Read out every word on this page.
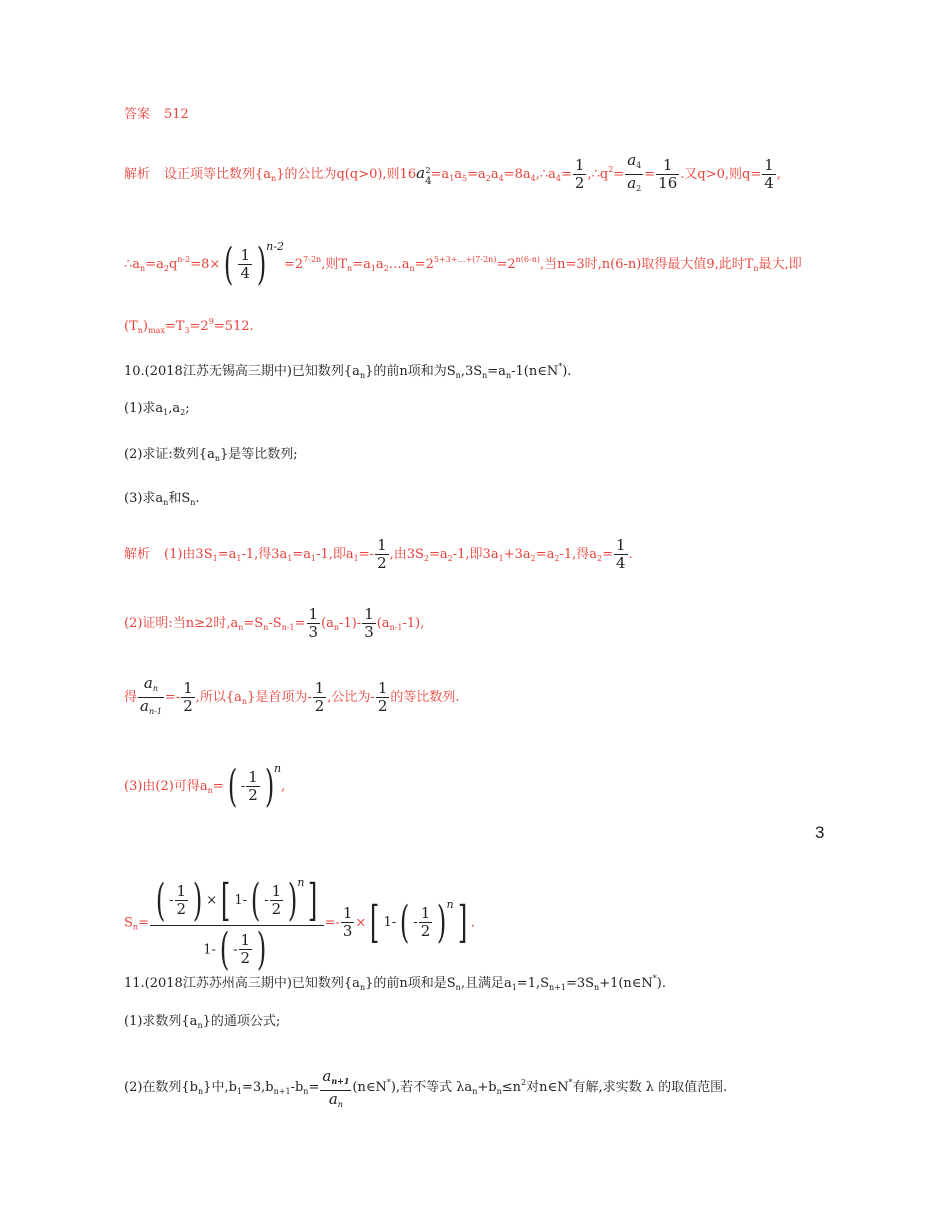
答案 512
解析 设正项等比数列$\{a_n\}$的公比为q(q>0),则$16a_4^2=a_1a_5=a_2a_4=8a_4,\therefore a_4= \frac{1}{2}$ $,\therefore q^2= \frac{a_4}{a_2} = \frac{1}{16}$ .又q>0,则$q= \frac{1}{4}$ ,
$\therefore a_n=a_2q^{n-2}=8\times( \frac{1}{4} )^{n-2}=2^{7-2n}$,则$T_n=a_1a_2\dots a_n=2^{5+3+\dots+(7-2n)}=2^{n(6-n)}$,当n=3时,n(6-n)取得最大值9,此时$T_n$最大,即
$(T_n)_{max}=T_3=2^9=512$.
10.(2018江苏无锡高三期中)已知数列$\{a_n\}$的前n项和为$S_n,3S_n=a_n-1(n\in N^*)$.
(1)求$a_1,a_2$;
(2)求证:数列$\{a_n\}$是等比数列;
(3)求$a_n$和$S_n$.
解析 (1)由$3S_1=a_1-1$,得$3a_1=a_1-1$,即$a_1=- \frac{1}{2}$ ,由$3S_2=a_2-1$,即$3a_1+3a_2=a_2-1$,得$a_2= \frac{1}{4}$ .
(2)证明:当n≥2时$,a_n=S_n-S_{n-1}= \frac{1}{3} (a_n-1)- \frac{1}{3} (a_{n-1}-1)$,
得 $\frac{a_n}{a_{n-1}} =- \frac{1}{2}$ ,所以$\{a_n\}$是首项为- $\frac{1}{2}$ ,公比为- $\frac{1}{2}$ 的等比数列.
(3)由(2)可得$a_n=( - \frac{1}{2} )^n$,
$S_n= \frac{( - \frac{1}{2} ) \times[ 1-( - \frac{1}{2} )^n]}{1-( - \frac{1}{2} )} =- \frac{1}{3}$ ×[ $1-( - \frac{1}{2} )^n$] .
11.(2018江苏苏州高三期中)已知数列$\{a_n\}$的前n项和是$S_n$,且满足$a_1=1,S_{n+1}=3S_n+1(n\in N^*)$.
(1)求数列$\{a_n\}$的通项公式;
(2)在数列$\{b_n\}$中$,b_1=3,b_{n+1}-b_n= \frac{a_{n+1}}{a_n}$ (n∈N*),若不等式 $\lambda a_n+b_n\le n^2$对n∈N*有解,求实数 λ 的取值范围.
3
